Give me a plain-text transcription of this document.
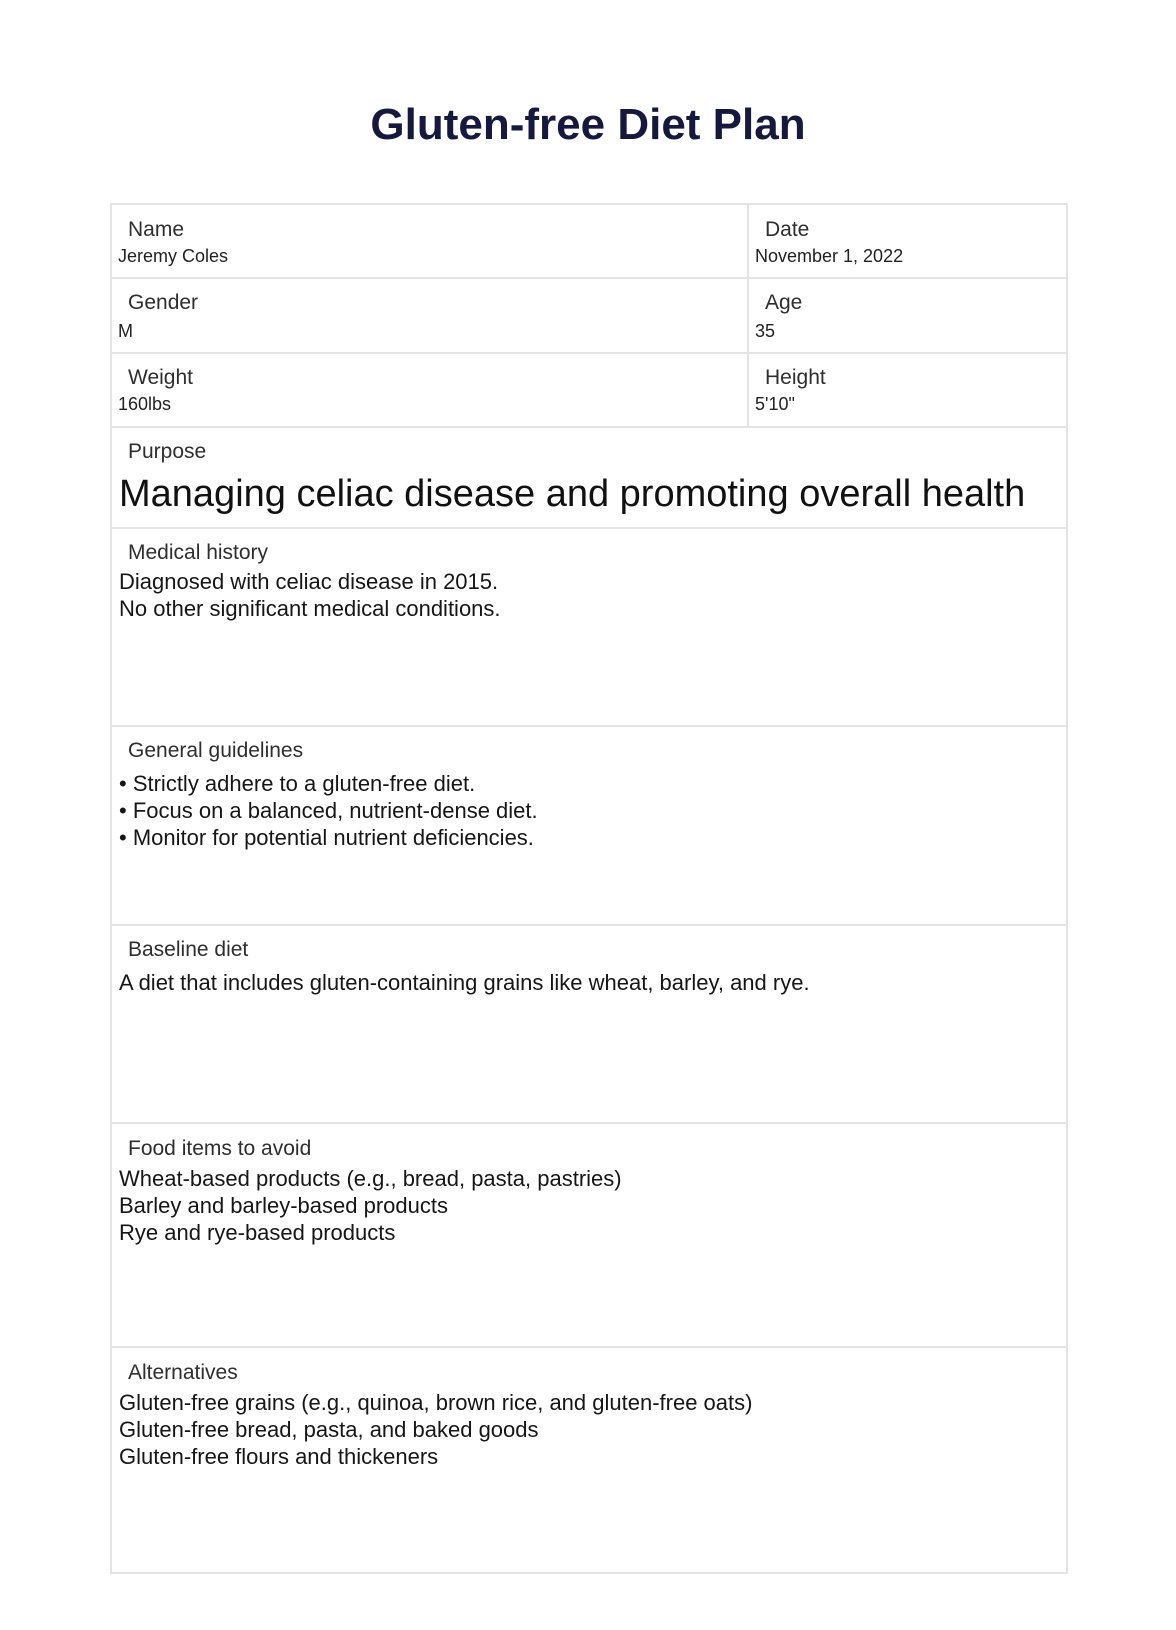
Gluten-free Diet Plan
Name
Jeremy Coles
Date
November 1, 2022
Gender
M
Age
35
Weight
160lbs
Height
5'10"
Purpose
Managing celiac disease and promoting overall health
Medical history
Diagnosed with celiac disease in 2015.
No other significant medical conditions.
General guidelines
• Strictly adhere to a gluten-free diet.
• Focus on a balanced, nutrient-dense diet.
• Monitor for potential nutrient deficiencies.
Baseline diet
A diet that includes gluten-containing grains like wheat, barley, and rye.
Food items to avoid
Wheat-based products (e.g., bread, pasta, pastries)
Barley and barley-based products
Rye and rye-based products
Alternatives
Gluten-free grains (e.g., quinoa, brown rice, and gluten-free oats)
Gluten-free bread, pasta, and baked goods
Gluten-free flours and thickeners
